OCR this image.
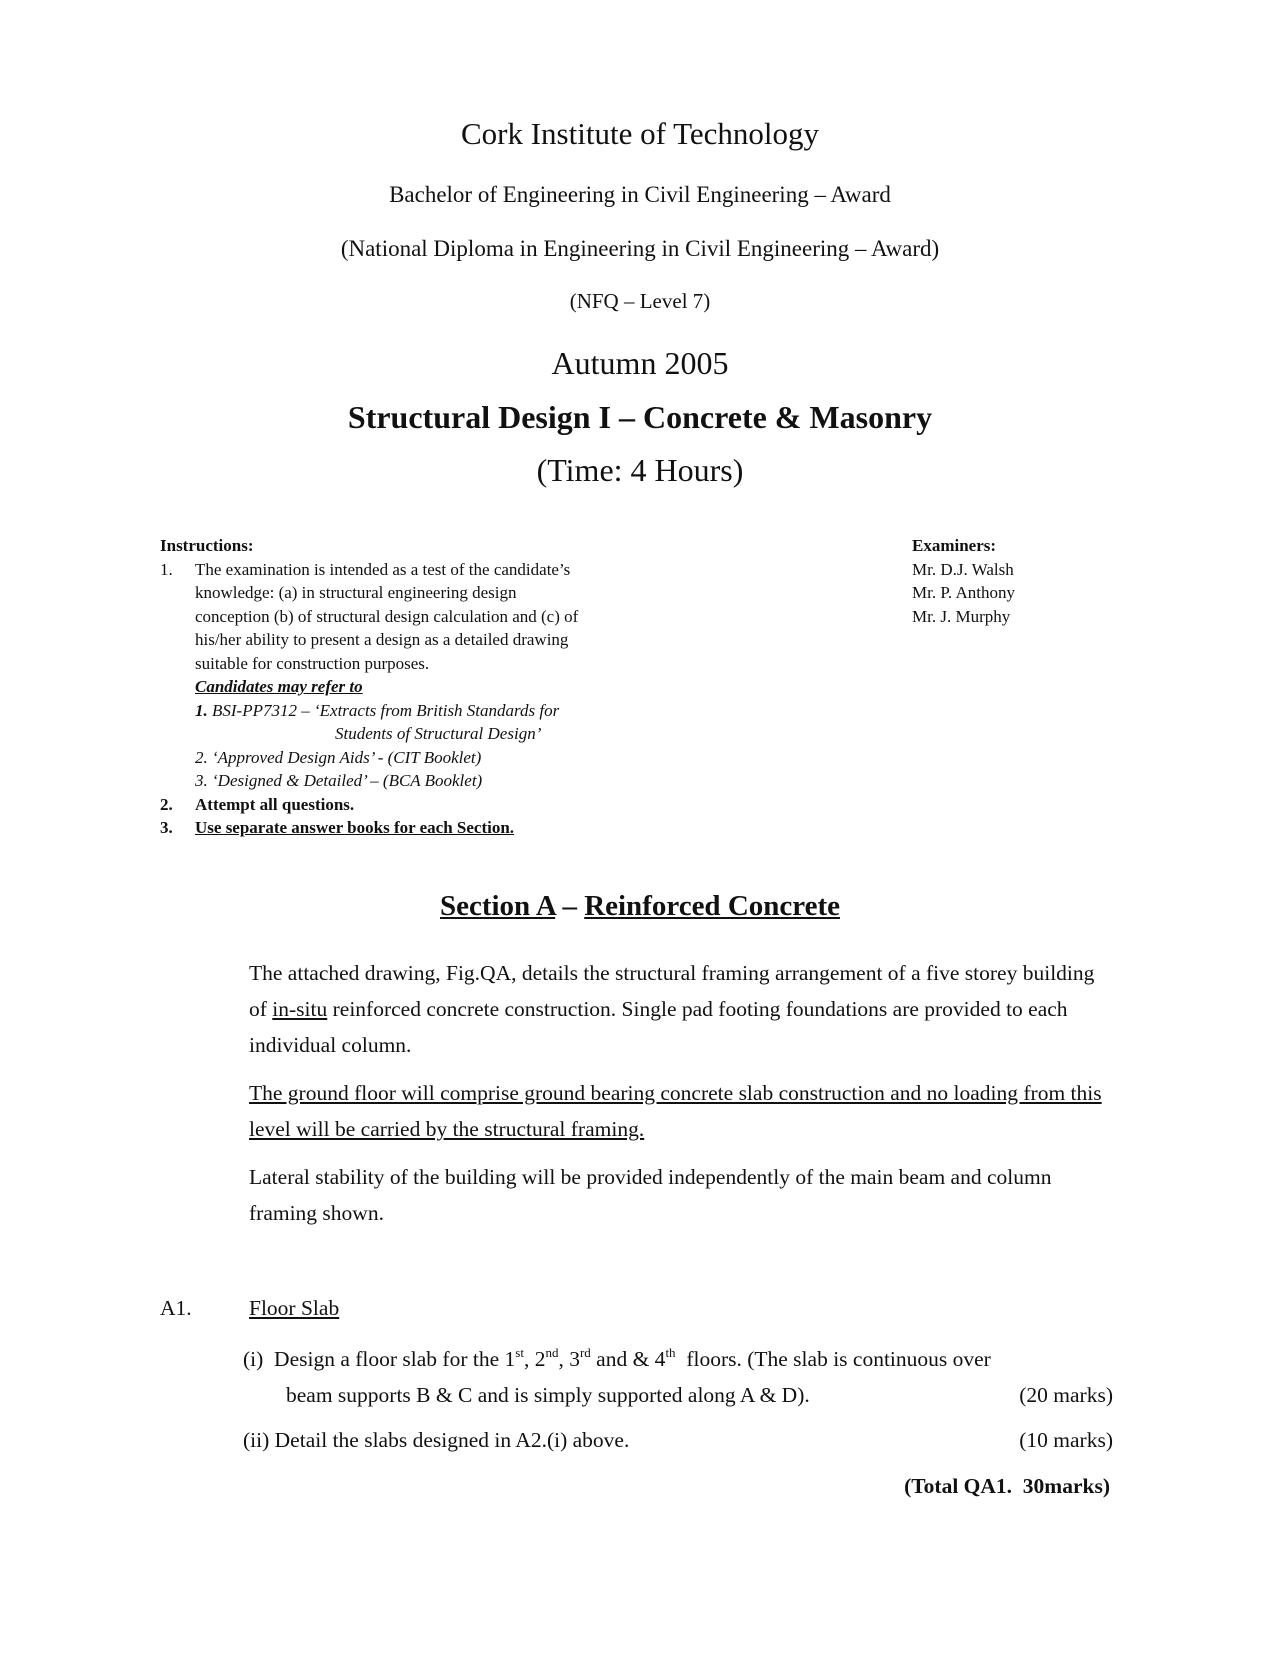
Cork Institute of Technology
Bachelor of Engineering in Civil Engineering – Award
(National Diploma in Engineering in Civil Engineering – Award)
(NFQ – Level 7)
Autumn 2005
Structural Design I – Concrete & Masonry
(Time: 4 Hours)
Instructions:
1.	The examination is intended as a test of the candidate’s
knowledge: (a) in structural engineering design
conception (b) of structural design calculation and (c) of
his/her ability to present a design as a detailed drawing
suitable for construction purposes.
Candidates may refer to
1. BSI-PP7312 – ‘Extracts from British Standards for
Students of Structural Design’
2. ‘Approved Design Aids’ - (CIT Booklet)
3. ‘Designed & Detailed’ – (BCA Booklet)
2.	Attempt all questions.
3.	Use separate answer books for each Section.
Examiners:
Mr. D.J. Walsh
Mr. P. Anthony
Mr. J. Murphy
Section A – Reinforced Concrete
The attached drawing, Fig.QA, details the structural framing arrangement of a five storey building of in-situ reinforced concrete construction. Single pad footing foundations are provided to each individual column.
The ground floor will comprise ground bearing concrete slab construction and no loading from this level will be carried by the structural framing.
Lateral stability of the building will be provided independently of the main beam and column framing shown.
A1.	Floor Slab
(i) Design a floor slab for the 1st, 2nd, 3rd and & 4th  floors. (The slab is continuous over
beam supports B & C and is simply supported along A & D).	(20 marks)
(ii) Detail the slabs designed in A2.(i) above.	(10 marks)
(Total QA1.  30marks)
